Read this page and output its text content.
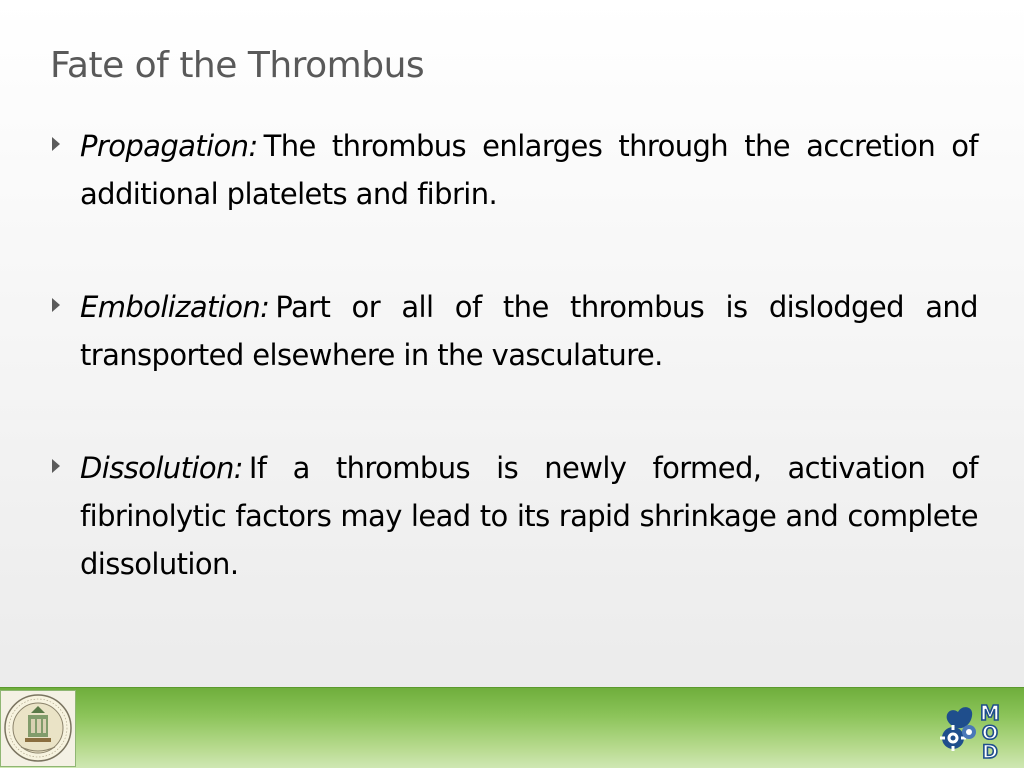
Fate of the Thrombus

Propagation: The thrombus enlarges through the accretion of additional platelets and fibrin.

Embolization: Part or all of the thrombus is dislodged and transported elsewhere in the vasculature.

Dissolution: If a thrombus is newly formed, activation of fibrinolytic factors may lead to its rapid shrinkage and complete dissolution.

M
O
D
